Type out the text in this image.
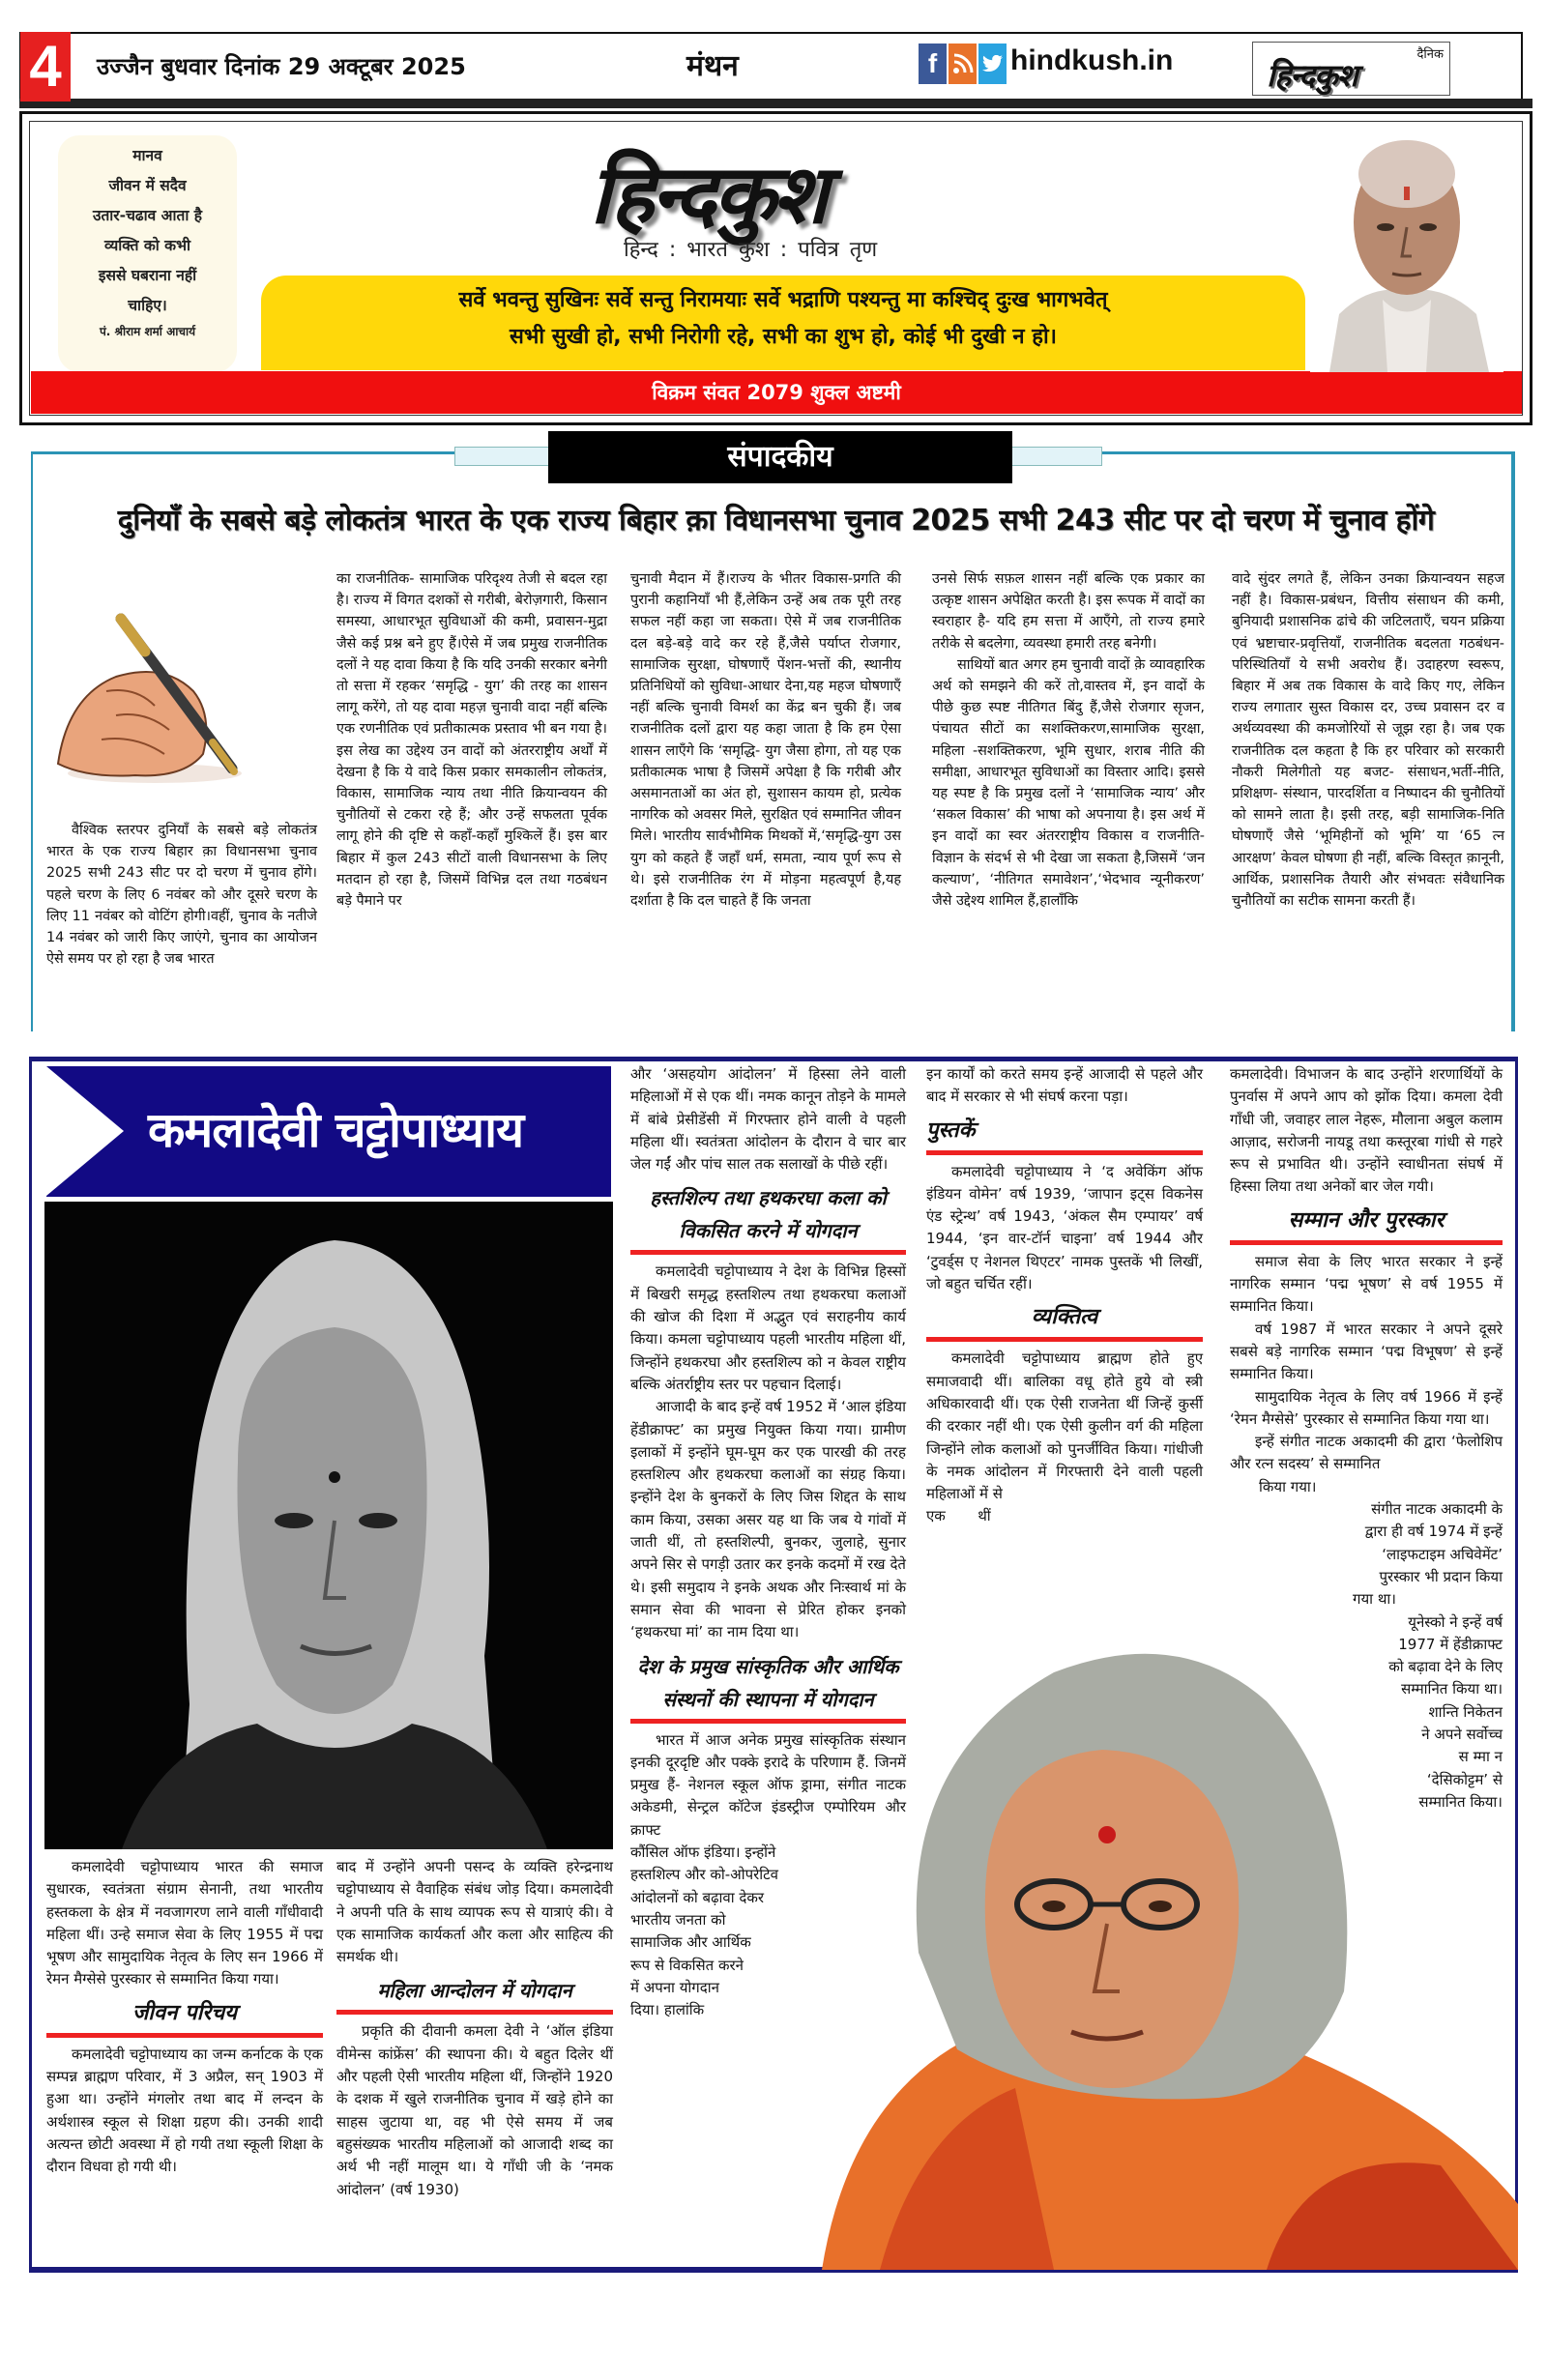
4	उज्जैन बुधवार दिनांक 29 अक्टूबर 2025	मंथन	f	hindkush.in	दैनिक
हिन्दकुश
मानव
जीवन में सदैव
उतार-चढाव आता है
व्यक्ति को कभी
इससे घबराना नहीं
चाहिए।
पं. श्रीराम शर्मा आचार्य
हिन्दकुश
हिन्द : भारत कुश : पवित्र तृण
सर्वे भवन्तु सुखिनः सर्वे सन्तु निरामयाः सर्वे भद्राणि पश्यन्तु मा कश्चिद् दुःख भागभवेत्
सभी सुखी हो, सभी निरोगी रहे, सभी का शुभ हो, कोई भी दुखी न हो।
विक्रम संवत 2079 शुक्ल अष्टमी
संपादकीय
दुनियाँ के सबसे बड़े लोकतंत्र भारत के एक राज्य बिहार क़ा विधानसभा चुनाव 2025 सभी 243 सीट पर दो चरण में चुनाव होंगे

वैश्विक स्तरपर दुनियाँ के सबसे बड़े लोकतंत्र भारत के एक राज्य बिहार क़ा विधानसभा चुनाव 2025 सभी 243 सीट पर दो चरण में चुनाव होंगे। पहले चरण के लिए 6 नवंबर को और दूसरे चरण के लिए 11 नवंबर को वोटिंग होगी।वहीं, चुनाव के नतीजे 14 नवंबर को जारी किए जाएंगे, चुनाव का आयोजन ऐसे समय पर हो रहा है जब भारत

का राजनीतिक- सामाजिक परिदृश्य तेजी से बदल रहा है। राज्य में विगत दशकों से गरीबी, बेरोज़गारी, किसान समस्या, आधारभूत सुविधाओं की कमी, प्रवासन-मुद्रा जैसे कई प्रश्न बने हुए हैं।ऐसे में जब प्रमुख राजनीतिक दलों ने यह दावा किया है कि यदि उनकी सरकार बनेगी तो सत्ता में रहकर ‘समृद्धि - युग’ की तरह का शासन लागू करेंगे, तो यह दावा महज़ चुनावी वादा नहीं बल्कि एक रणनीतिक एवं प्रतीकात्मक प्रस्ताव भी बन गया है। इस लेख का उद्देश्य उन वादों को अंतरराष्ट्रीय अर्थों में देखना है कि ये वादे किस प्रकार समकालीन लोकतंत्र, विकास, सामाजिक न्याय तथा नीति क्रियान्वयन की चुनौतियों से टकरा रहे हैं; और उन्हें सफलता पूर्वक लागू होने की दृष्टि से कहाँ-कहाँ मुश्किलें हैं। इस बार बिहार में कुल 243 सीटों वाली विधानसभा के लिए मतदान हो रहा है, जिसमें विभिन्न दल तथा गठबंधन बड़े पैमाने पर
चुनावी मैदान में हैं।राज्य के भीतर विकास-प्रगति की पुरानी कहानियाँ भी हैं,लेकिन उन्हें अब तक पूरी तरह सफल नहीं कहा जा सकता। ऐसे में जब राजनीतिक दल बड़े-बड़े वादे कर रहे हैं,जैसे पर्याप्त रोजगार, सामाजिक सुरक्षा, घोषणाएँ पेंशन-भत्तों की, स्थानीय प्रतिनिधियों को सुविधा-आधार देना,यह महज घोषणाएँ नहीं बल्कि चुनावी विमर्श का केंद्र बन चुकी हैं। जब राजनीतिक दलों द्वारा यह कहा जाता है कि हम ऐसा शासन लाएँगे कि ‘समृद्धि- युग जैसा होगा, तो यह एक प्रतीकात्मक भाषा है जिसमें अपेक्षा है कि गरीबी और असमानताओं का अंत हो, सुशासन कायम हो, प्रत्येक नागरिक को अवसर मिले, सुरक्षित एवं सम्मानित जीवन मिले। भारतीय सार्वभौमिक मिथकों में,‘समृद्धि-युग उस युग को कहते हैं जहाँ धर्म, समता, न्याय पूर्ण रूप से थे। इसे राजनीतिक रंग में मोड़ना महत्वपूर्ण है,यह दर्शाता है कि दल चाहते हैं कि जनता
उनसे सिर्फ सफ़ल शासन नहीं बल्कि एक प्रकार का उत्कृष्ट शासन अपेक्षित करती है। इस रूपक में वादों का स्वराहार है- यदि हम सत्ता में आएँगे, तो राज्य हमारे तरीके से बदलेगा, व्यवस्था हमारी तरह बनेगी।

साथियों बात अगर हम चुनावी वादों क़े व्यावहारिक अर्थ को समझने की करें तो,वास्तव में, इन वादों के पीछे कुछ स्पष्ट नीतिगत बिंदु हैं,जैसे रोजगार सृजन, पंचायत सीटों का सशक्तिकरण,सामाजिक सुरक्षा, महिला -सशक्तिकरण, भूमि सुधार, शराब नीति की समीक्षा, आधारभूत सुविधाओं का विस्तार आदि। इससे यह स्पष्ट है कि प्रमुख दलों ने ‘सामाजिक न्याय’ और ‘सकल विकास’ की भाषा को अपनाया है। इस अर्थ में इन वादों का स्वर अंतरराष्ट्रीय विकास व राजनीति-विज्ञान के संदर्भ से भी देखा जा सकता है,जिसमें ‘जन कल्याण’, ‘नीतिगत समावेशन’,‘भेदभाव न्यूनीकरण’ जैसे उद्देश्य शामिल हैं,हालाँकि

वादे सुंदर लगते हैं, लेकिन उनका क्रियान्वयन सहज नहीं है। विकास-प्रबंधन, वित्तीय संसाधन की कमी, बुनियादी प्रशासनिक ढांचे की जटिलताएँ, चयन प्रक्रिया एवं भ्रष्टाचार-प्रवृत्तियाँ, राजनीतिक बदलता गठबंधन-परिस्थितियाँ ये सभी अवरोध हैं। उदाहरण स्वरूप, बिहार में अब तक विकास के वादे किए गए, लेकिन राज्य लगातार सुस्त विकास दर, उच्च प्रवासन दर व अर्थव्यवस्था की कमजोरियों से जूझ रहा है। जब एक राजनीतिक दल कहता है कि हर परिवार को सरकारी नौकरी मिलेगीतो यह बजट- संसाधन,भर्ती-नीति, प्रशिक्षण- संस्थान, पारदर्शिता व निष्पादन की चुनौतियों को सामने लाता है। इसी तरह, बड़ी सामाजिक-निति घोषणाएँ जैसे ‘भूमिहीनों को भूमि’ या ‘65 त्न आरक्षण’ केवल घोषणा ही नहीं, बल्कि विस्तृत क़ानूनी, आर्थिक, प्रशासनिक तैयारी और संभवतः संवैधानिक चुनौतियों का सटीक सामना करती हैं।
कमलादेवी चट्टोपाध्याय

कमलादेवी चट्टोपाध्याय भारत की समाज सुधारक, स्वतंत्रता संग्राम सेनानी, तथा भारतीय हस्तकला के क्षेत्र में नवजागरण लाने वाली गाँधीवादी महिला थीं। उन्हे समाज सेवा के लिए 1955 में पद्म भूषण और सामुदायिक नेतृत्व के लिए सन 1966 में रेमन मैग्सेसे पुरस्कार से सम्मानित किया गया।

जीवन परिचय

कमलादेवी चट्टोपाध्याय का जन्म कर्नाटक के एक सम्पन्न ब्राह्मण परिवार, में 3 अप्रैल, सन् 1903 में हुआ था। उन्होंने मंगलोर तथा बाद में लन्दन के अर्थशास्त्र स्कूल से शिक्षा ग्रहण की। उनकी शादी अत्यन्त छोटी अवस्था में हो गयी तथा स्कूली शिक्षा के दौरान विधवा हो गयी थी।

बाद में उन्होंने अपनी पसन्द के व्यक्ति हरेन्द्रनाथ चट्टोपाध्याय से वैवाहिक संबंध जोड़ दिया। कमलादेवी ने अपनी पति के साथ व्यापक रूप से यात्राएं की। वे एक सामाजिक कार्यकर्ता और कला और साहित्य की समर्थक थी।
महिला आन्दोलन में योगदान

प्रकृति की दीवानी कमला देवी ने ‘ऑल इंडिया वीमेन्स कांफ्रेंस’ की स्थापना की। ये बहुत दिलेर थीं और पहली ऐसी भारतीय महिला थीं, जिन्होंने 1920 के दशक में खुले राजनीतिक चुनाव में खड़े होने का साहस जुटाया था, वह भी ऐसे समय में जब बहुसंख्यक भारतीय महिलाओं को आजादी शब्द का अर्थ भी नहीं मालूम था। ये गाँधी जी के ‘नमक आंदोलन’ (वर्ष 1930)

और ‘असहयोग आंदोलन’ में हिस्सा लेने वाली महिलाओं में से एक थीं। नमक कानून तोड़ने के मामले में बांबे प्रेसीडेंसी में गिरफ्तार होने वाली वे पहली महिला थीं। स्वतंत्रता आंदोलन के दौरान वे चार बार जेल गईं और पांच साल तक सलाखों के पीछे रहीं।
हस्तशिल्प तथा हथकरघा कला को विकसित करने में योगदान

कमलादेवी चट्टोपाध्याय ने देश के विभिन्न हिस्सों में बिखरी समृद्ध हस्तशिल्प तथा हथकरघा कलाओं की खोज की दिशा में अद्भुत एवं सराहनीय कार्य किया। कमला चट्टोपाध्याय पहली भारतीय महिला थीं, जिन्होंने हथकरघा और हस्तशिल्प को न केवल राष्ट्रीय बल्कि अंतर्राष्ट्रीय स्तर पर पहचान दिलाई।

आजादी के बाद इन्हें वर्ष 1952 में ‘आल इंडिया हेंडीक्राफ्ट’ का प्रमुख नियुक्त किया गया। ग्रामीण इलाकों में इन्होंने घूम-घूम कर एक पारखी की तरह हस्तशिल्प और हथकरघा कलाओं का संग्रह किया। इन्होंने देश के बुनकरों के लिए जिस शिद्दत के साथ काम किया, उसका असर यह था कि जब ये गांवों में जाती थीं, तो हस्तशिल्पी, बुनकर, जुलाहे, सुनार अपने सिर से पगड़ी उतार कर इनके कदमों में रख देते थे। इसी समुदाय ने इनके अथक और निःस्वार्थ मां के समान सेवा की भावना से प्रेरित होकर इनको ‘हथकरघा मां’ का नाम दिया था।

देश के प्रमुख सांस्कृतिक और आर्थिक संस्थनों की स्थापना में योगदान

भारत में आज अनेक प्रमुख सांस्कृतिक संस्थान इनकी दूरदृष्टि और पक्के इरादे के परिणाम हैं. जिनमें प्रमुख हैं- नेशनल स्कूल ऑफ ड्रामा, संगीत नाटक अकेडमी, सेन्ट्रल कॉटेज इंडस्ट्रीज एम्पोरियम और क्राफ्ट

कौंसिल ऑफ इंडिया। इन्होंने
हस्तशिल्प और को-ओपरेटिव
आंदोलनों को बढ़ावा देकर
भारतीय जनता को
सामाजिक और आर्थिक
रूप से विकसित करने
में अपना योगदान
दिया। हालांकि
इन कार्यों को करते समय इन्हें आजादी से पहले और बाद में सरकार से भी संघर्ष करना पड़ा।
पुस्तकें

कमलादेवी चट्टोपाध्याय ने ‘द अवेकिंग ऑफ इंडियन वोमेन’ वर्ष 1939, ‘जापान इट्स विकनेस एंड स्ट्रेन्थ’ वर्ष 1943, ‘अंकल सैम एम्पायर’ वर्ष 1944, ‘इन वार-टॉर्न चाइना’ वर्ष 1944 और ‘टुवर्ड्स ए नेशनल थिएटर’ नामक पुस्तकें भी लिखीं, जो बहुत चर्चित रहीं।

व्यक्तित्व

कमलादेवी चट्टोपाध्याय ब्राह्मण होते हुए समाजवादी थीं। बालिका वधू होते हुये वो स्त्री अधिकारवादी थीं। एक ऐसी राजनेता थीं जिन्हें कुर्सी की दरकार नहीं थी। एक ऐसी कुलीन वर्ग की महिला जिन्होंने लोक कलाओं को पुनर्जीवित किया। गांधीजी के नमक आंदोलन में गिरफ्तारी देने वाली पहली महिलाओं में से

एक       थीं
कमलादेवी। विभाजन के बाद उन्होंने शरणार्थियों के पुनर्वास में अपने आप को झोंक दिया। कमला देवी गाँधी जी, जवाहर लाल नेहरू, मौलाना अबुल कलाम आज़ाद, सरोजनी नायडू तथा कस्तूरबा गांधी से गहरे रूप से प्रभावित थी। उन्होंने स्वाधीनता संघर्ष में हिस्सा लिया तथा अनेकों बार जेल गयी।
सम्मान और पुरस्कार

समाज सेवा के लिए भारत सरकार ने इन्हें नागरिक सम्मान ‘पद्म भूषण’ से वर्ष 1955 में सम्मानित किया।

वर्ष 1987 में भारत सरकार ने अपने दूसरे सबसे बड़े नागरिक सम्मान ‘पद्म विभूषण’ से इन्हें सम्मानित किया।

सामुदायिक नेतृत्व के लिए वर्ष 1966 में इन्हें ‘रेमन मैग्सेसे’ पुरस्कार से सम्मानित किया गया था।

इन्हें संगीत नाटक अकादमी की द्वारा ‘फेलोशिप और रत्न सदस्य’ से सम्मानित

किया गया।
संगीत नाटक अकादमी के
द्वारा ही वर्ष 1974 में इन्हें
‘लाइफटाइम अचिवेमेंट’
पुरस्कार भी प्रदान किया
गया था।
यूनेस्को ने इन्हें वर्ष
1977 में हेंडीक्राफ्ट
को बढ़ावा देने के लिए
सम्मानित किया था।
शान्ति निकेतन
ने अपने सर्वोच्च
स म्मा न
‘देसिकोट्टम’ से
सम्मानित किया।
